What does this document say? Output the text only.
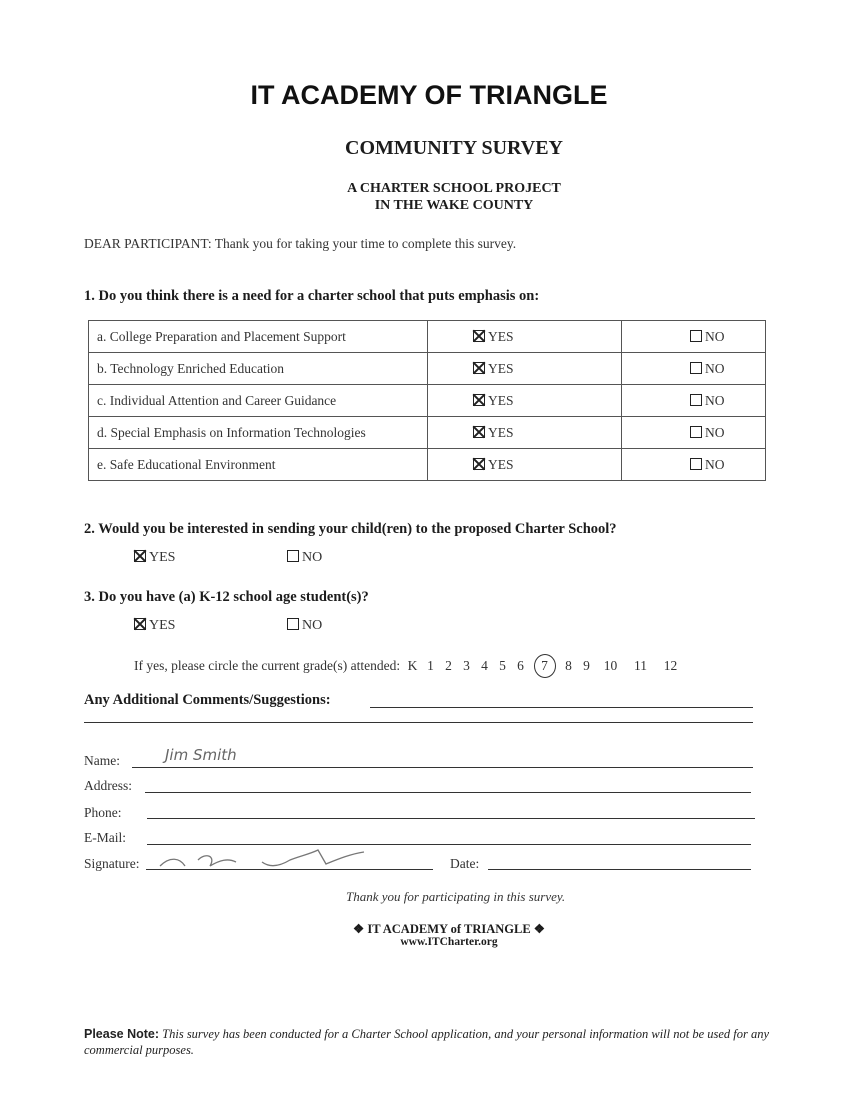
IT ACADEMY OF TRIANGLE
COMMUNITY SURVEY
A CHARTER SCHOOL PROJECT
IN THE WAKE COUNTY
DEAR PARTICIPANT: Thank you for taking your time to complete this survey.
1. Do you think there is a need for a charter school that puts emphasis on:
a. College Preparation and Placement Support	YES	NO
b. Technology Enriched Education	YES	NO
c. Individual Attention and Career Guidance	YES	NO
d. Special Emphasis on Information Technologies	YES	NO
e. Safe Educational Environment	YES	NO
2. Would you be interested in sending your child(ren) to the proposed Charter School?
YES	NO
3. Do you have (a) K-12 school age student(s)?
YES	NO
If yes, please circle the current grade(s) attended: K 1 2 3 4 5 6 7 8 9 10 11 12
Any Additional Comments/Suggestions:
Name:	Jim Smith
Address:
Phone:
E-Mail:
Signature:	Date:
Thank you for participating in this survey.
❖ IT ACADEMY of TRIANGLE ❖
www.ITCharter.org
Please Note: This survey has been conducted for a Charter School application, and your personal information will not be used for any commercial purposes.
